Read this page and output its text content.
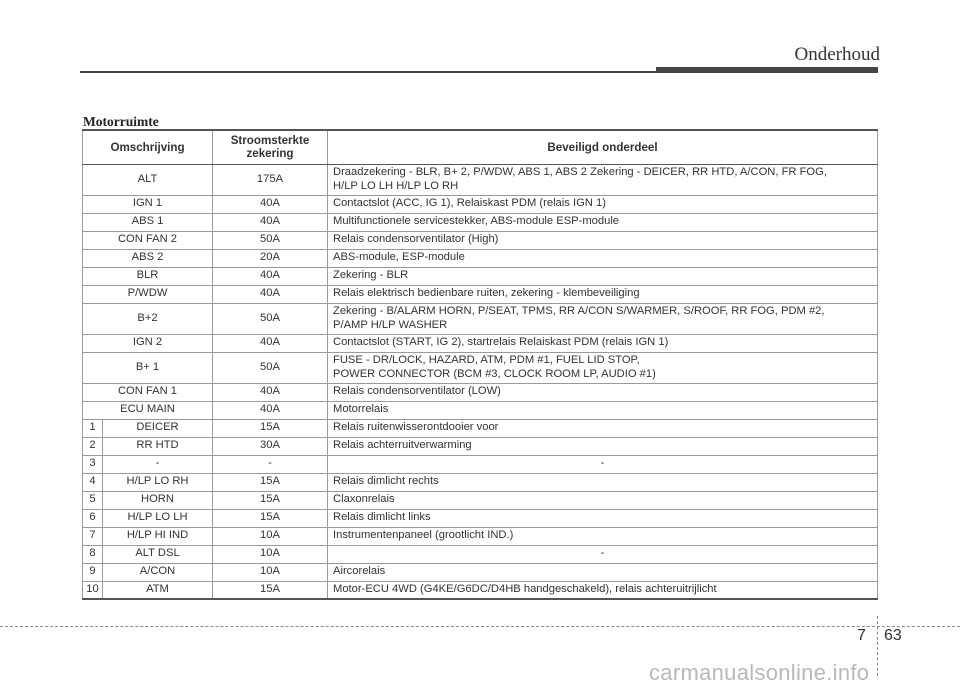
Onderhoud
Motorruimte
Omschrijving		Stroomsterkte zekering	Beveiligd onderdeel
ALT		175A	Draadzekering - BLR, B+ 2, P/WDW, ABS 1, ABS 2 Zekering - DEICER, RR HTD, A/CON, FR FOG,
H/LP LO LH H/LP LO RH
IGN 1		40A	Contactslot (ACC, IG 1), Relaiskast PDM (relais IGN 1)
ABS 1		40A	Multifunctionele servicestekker, ABS-module ESP-module
CON FAN 2		50A	Relais condensorventilator (High)
ABS 2		20A	ABS-module, ESP-module
BLR		40A	Zekering - BLR
P/WDW		40A	Relais elektrisch bedienbare ruiten, zekering - klembeveiliging
B+2		50A	Zekering - B/ALARM HORN, P/SEAT, TPMS, RR A/CON S/WARMER, S/ROOF, RR FOG, PDM #2,
P/AMP H/LP WASHER
IGN 2		40A	Contactslot (START, IG 2), startrelais Relaiskast PDM (relais IGN 1)
B+ 1		50A	FUSE - DR/LOCK, HAZARD, ATM, PDM #1, FUEL LID STOP,
POWER CONNECTOR (BCM #3, CLOCK ROOM LP, AUDIO #1)
CON FAN 1		40A	Relais condensorventilator (LOW)
ECU MAIN		40A	Motorrelais
1	DEICER	15A	Relais ruitenwisserontdooier voor
2	RR HTD	30A	Relais achterruitverwarming
3	-	-	-
4	H/LP LO RH	15A	Relais dimlicht rechts
5	HORN	15A	Claxonrelais
6	H/LP LO LH	15A	Relais dimlicht links
7	H/LP HI IND	10A	Instrumentenpaneel (grootlicht IND.)
8	ALT DSL	10A	-
9	A/CON	10A	Aircorelais
10	ATM	15A	Motor-ECU 4WD (G4KE/G6DC/D4HB handgeschakeld), relais achteruitrijlicht
7 63
carmanualsonline.info
